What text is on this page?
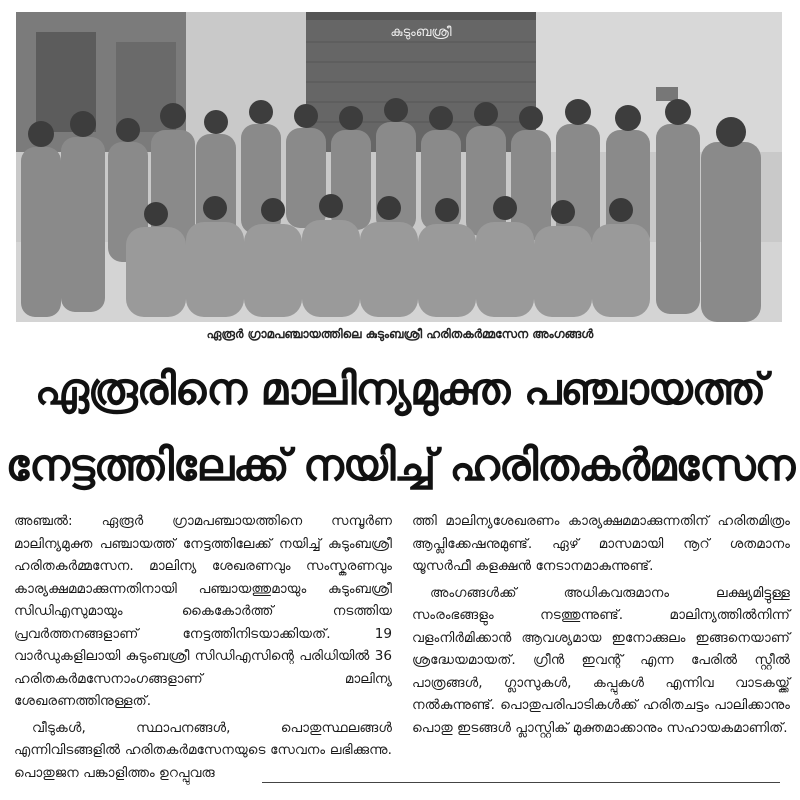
കുടുംബശ്രീ
ഏരൂർ ഗ്രാമപഞ്ചായത്തിലെ കുടുംബശ്രീ ഹരിതകർമ്മസേന അംഗങ്ങൾ
ഏരൂരിനെ മാലിന്യമുക്ത പഞ്ചായത്ത്
നേട്ടത്തിലേക്ക് നയിച്ച് ഹരിതകർമസേന

അഞ്ചൽ: ഏരൂർ ഗ്രാമപഞ്ചായത്തിനെ സമ്പൂർണ മാലിന്യമുക്ത പഞ്ചായത്ത് നേട്ടത്തിലേക്ക് നയിച്ച് കുടുംബശ്രീ ഹരിതകർമ്മസേന. മാലിന്യ ശേഖരണവും സംസ്കരണവും കാര്യക്ഷമമാക്കുന്നതിനായി പഞ്ചായത്തുമായും കുടുംബശ്രീ സിഡിഎസുമായും കൈകോർത്ത് നടത്തിയ പ്രവർത്തനങ്ങളാണ് നേട്ടത്തിനിടയാക്കിയത്. 19 വാർഡുകളിലായി കുടുംബശ്രീ സിഡിഎസിന്റെ പരിധിയിൽ 36 ഹരിതകർമസേനാംഗങ്ങളാണ് മാലിന്യ ശേഖരണത്തിനുള്ളത്.

വീടുകൾ, സ്ഥാപനങ്ങൾ, പൊതുസ്ഥലങ്ങൾ എന്നിവിടങ്ങളിൽ ഹരിതകർമസേനയുടെ സേവനം ലഭിക്കുന്നു. പൊതുജന പങ്കാളിത്തം ഉറപ്പുവരു

ത്തി മാലിന്യശേഖരണം കാര്യക്ഷമമാക്കുന്നതിന് ഹരിതമിത്രം ആപ്ലിക്കേഷനുമുണ്ട്. ഏഴ് മാസമായി നൂറ് ശതമാനം യൂസർഫീ കളക്ഷൻ നേടാനമാകുന്നുണ്ട്.

അംഗങ്ങൾക്ക് അധികവരുമാനം ലക്ഷ്യമിട്ടുള്ള സംരംഭങ്ങളും നടത്തുന്നുണ്ട്. മാലിന്യത്തിൽനിന്ന് വളംനിർമിക്കാൻ ആവശ്യമായ ഇനോക്കുലം ഇങ്ങനെയാണ് ശ്രദ്ധേയമായത്. ഗ്രീൻ ഇവന്റ് എന്ന പേരിൽ സ്റ്റീൽ പാത്രങ്ങൾ, ഗ്ലാസുകൾ, കപ്പുകൾ എന്നിവ വാടകയ്ക്ക് നൽകുന്നുണ്ട്. പൊതുപരിപാടികൾക്ക് ഹരിതചട്ടം പാലിക്കാനും പൊതു ഇടങ്ങൾ പ്ലാസ്റ്റിക് മുക്തമാക്കാനും സഹായകമാണിത്.
